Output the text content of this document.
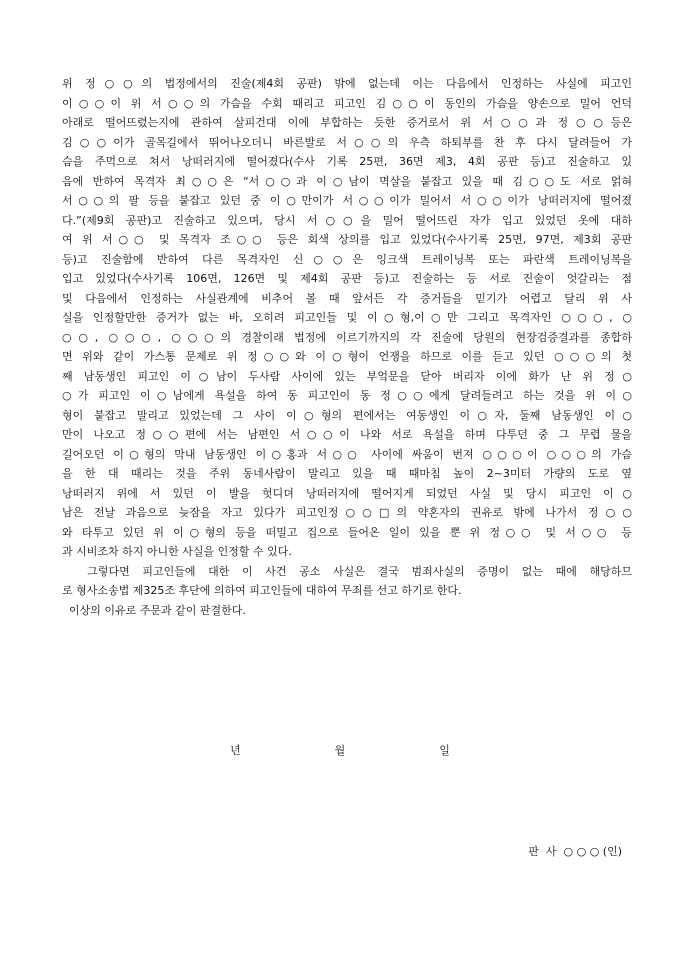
위 정○○의 법정에서의 진술(제4회 공판) 밖에 없는데 이는 다음에서 인정하는 사실에 피고인
이○○이 위 서○○의 가슴을 수회 때리고 피고인 김○○이 동인의 가슴을 양손으로 밀어 언덕
아래로 떨어뜨렸는지에 관하여 살피건대 이에 부합하는 듯한 증거로서 위 서○○과 정○○등은
김○○이가 골목길에서 뛰어나오더니 바른발로 서○○의 우측 하퇴부를 찬 후 다시 달려들어 가
슴을 주먹으로 쳐서 낭떠러지에 떨어졌다(수사 기록 25편, 36면 제3, 4회 공판 등)고 진술하고 있
음에 반하여 목격자 최○○은 “서○○과 이○남이 멱살을 붙잡고 있을 때 김○○도 서로 얽혀
서○○의 팔 등을 붙잡고 있던 중 이○만이가 서○○이가 밀어서 서○○이가 낭떠러지에 떨어졌
다.”(제9회 공판)고 진술하고 있으며, 당시 서○○을 밀어 떨어뜨린 자가 입고 있었던 옷에 대하
여 위 서○○ 및 목격자 조○○ 등은 회색 상의를 입고 있었다(수사기록 25면, 97면, 제3회 공판
등)고 진술함에 반하여 다른 목격자인 신○○은 잉크색 트레이닝복 또는 파란색 트레이닝복을
입고 있었다(수사기록 106면, 126면 및 제4회 공판 등)고 진술하는 등 서로 진술이 엇갈리는 점
및 다음에서 인정하는 사실관계에 비추어 볼 때 앞서든 각 증거들을 믿기가 어렵고 달리 위 사
실을 인정할만한 증거가 없는 바, 오히려 피고인들 및 이○형,이○만 그리고 목격자인 ○○○, ○
○○, ○○○, ○○○의 경찰이래 법정에 이르기까지의 각 진술에 당원의 현장검증결과를 종합하
면 위와 같이 가스통 문제로 위 정○○와 이○형이 언쟁을 하므로 이를 듣고 있던 ○○○의 첫
째 남동생인 피고인 이○남이 두사람 사이에 있는 부엌문을 닫아 버리자 이에 화가 난 위 정○
○가 피고인 이○남에게 욕설을 하여 동 피고인이 동 정○○에게 달려들려고 하는 것을 위 이○
형이 붙잡고 말리고 있었는데 그 사이 이○형의 편에서는 여동생인 이○자, 둘째 남동생인 이○
만이 나오고 정○○편에 서는 남편인 서○○이 나와 서로 욕설을 하며 다투던 중 그 무렵 물을
길어오던 이○형의 막내 남동생인 이○홍과 서○○ 사이에 싸움이 번져 ○○○이 ○○○의 가슴
을 한 대 때리는 것을 주위 동네사람이 말리고 있을 때 때마침 높이 2~3미터 가량의 도로 옆
낭떠러지 위에 서 있던 이 발을 헛디뎌 낭떠러지에 떨어지게 되었던 사실 및 당시 피고인 이○
남은 전날 과음으로 늦잠을 자고 있다가 피고인정○○□의 약혼자의 권유로 밖에 나가서 정○○
와 타투고 있던 위 이○형의 등을 떠밀고 집으로 들어온 일이 있을 뿐 위 정○○ 및 서○○ 등
과 시비조차 하지 아니한 사실을 인정할 수 있다.
그렇다면 피고인들에 대한 이 사건 공소 사실은 결국 범죄사실의 증명이 없는 때에 해당하므
로 형사소송법 제325조 후단에 의하여 피고인들에 대하여 무죄를 선고 하기로 한다.
이상의 이유로 주문과 같이 판결한다.
년    월    일
판  사  ○ ○ ○ (인)
